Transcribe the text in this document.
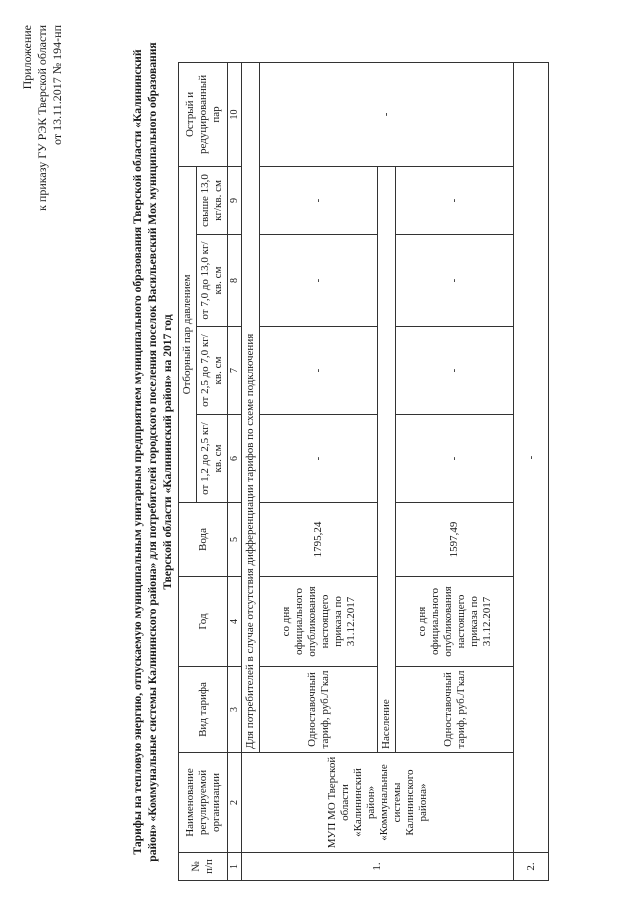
Приложение к приказу ГУ РЭК Тверской области от 13.11.2017 № 194-нп	Тарифы на тепловую энергию, отпускаемую муниципальным унитарным предприятием муниципального образования Тверской области «Калининский район» «Коммунальные системы Калининского района» для потребителей городского поселения поселок Васильевский Мох муниципального образования Тверской области «Калининский район» на 2017 год
№ п/п	Наименование регулируемой организации	Вид тарифа	Год	Вода	Отборный пар давлением				Острый и редуцированный пар
					от 1,2 до 2,5 кг/кв. см	от 2,5 до 7,0 кг/кв. см	от 7,0 до 13,0 кг/кв. см	свыше 13,0 кг/кв. см	
1	2	3	4	5	6	7	8	9	10
1.	МУП МО Тверской области «Калининский район» «Коммунальные системы Калининского района»	Для потребителей в случае отсутствия дифференциации тарифов по схеме подключения							
		Одноставочный тариф, руб./Гкал	со дня официального опубликования настоящего приказа по 31.12.2017	1795,24	-	-	-	-	-
		Население							
		Одноставочный тариф, руб./Гкал	со дня официального опубликования настоящего приказа по 31.12.2017	1597,49	-	-	-	-	
2.	-								
